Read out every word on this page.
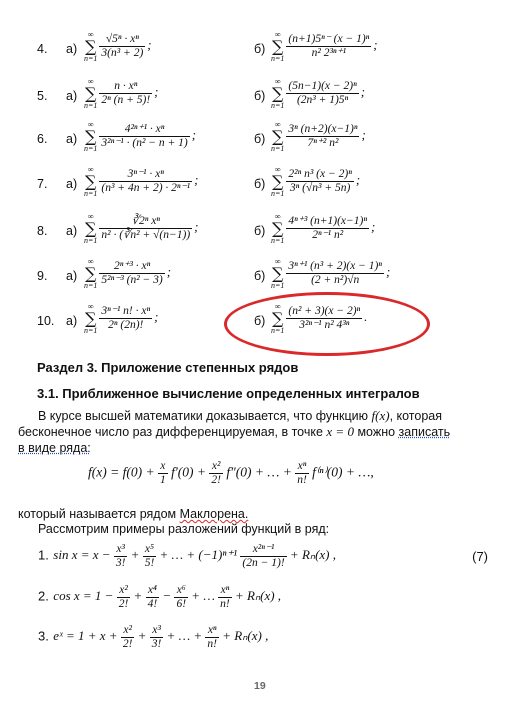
4. а)
∞
∑
$n=1 \frac{\text{√5ⁿ · xⁿ}}{\text{3(n³ + 2)}}$ ;	б)
∞
∑
$n=1 \frac{\text{(n+1)5ⁿ⁻ (x − 1)ⁿ}}{\text{n² 2³ⁿ⁺¹}}$ ;
5. а)
∞
∑
$n=1 \frac{\text{n · xⁿ}}{\text{2ⁿ (n + 5)!}}$ ;	б)
∞
∑
$n=1 \frac{\text{(5n−1)(x − 2)ⁿ}}{\text{(2n³ + 1)5ⁿ}}$ ;
6. а)
∞
∑
$n=1 \frac{\text{4²ⁿ⁺¹ · xⁿ}}{\text{3²ⁿ⁻¹ · (n² − n + 1)}}$ ;	б)
∞
∑
$n=1 \frac{\text{3ⁿ (n+2)(x−1)ⁿ}}{\text{7ⁿ⁺² n²}}$ ;
7. а)
∞
∑
$n=1 \frac{\text{3ⁿ⁻¹ · xⁿ}}{\text{(n³ + 4n + 2) · 2ⁿ⁻¹}}$ ;	б)
∞
∑
$n=1 \frac{\text{2²ⁿ n³ (x − 2)ⁿ}}{\text{3ⁿ (√n³ + 5n)}}$ ;
8. а)
∞
∑
$n=1 \frac{\text{∛2ⁿ xⁿ}}{\text{n² · (∛n² + √(n−1))}}$ ;	б)
∞
∑
$n=1 \frac{\text{4ⁿ⁺³ (n+1)(x−1)ⁿ}}{\text{2ⁿ⁻¹ n²}}$ ;
9. а)
∞
∑
$n=1 \frac{\text{2ⁿ⁺³ · xⁿ}}{\text{5²ⁿ⁻³ (n² − 3)}}$ ;	б)
∞
∑
$n=1 \frac{\text{3ⁿ⁺¹ (n³ + 2)(x − 1)ⁿ}}{\text{(2 + n²)√n}}$ ;
10. а)
∞
∑
$n=1 \frac{\text{3ⁿ⁻¹ n! · xⁿ}}{\text{2ⁿ (2n)!}}$ ;	б)
∞
∑
$n=1 \frac{\text{(n² + 3)(x − 2)ⁿ}}{\text{3²ⁿ⁻¹ n² 4³ⁿ}}$ .
Раздел 3. Приложение степенных рядов
3.1. Приближенное вычисление определенных интегралов
В курсе высшей математики доказывается, что функцию f(x), которая
бесконечное число раз дифференцируемая, в точке x = 0 можно записать
в виде ряда:
$f(x) = f(0) + \frac{x}{1} f'(0) + \frac{\text{x²}}{2!} f''(0)$ + … + $\frac{\text{xⁿ}}{n!} f^{(n)}(0)$ + …,
который называется рядом Маклорена.
Рассмотрим примеры разложений функций в ряд:
1. $\sin x = x - \frac{\text{x³}}{3!} + \frac{\text{x⁵}}{5!}$ + … + $(-1)^{n+1} \frac{\text{x²ⁿ⁻¹}}{(2n - 1)!} + R_n(x)$ ,	(7)
2. $\cos x = 1 - \frac{\text{x²}}{2!} + \frac{\text{x⁴}}{4!} - \frac{\text{x⁶}}{6!}$ + … $\frac{\text{xⁿ}}{n!} + R_n(x)$ ,
3. eˣ = $1 + x + \frac{\text{x²}}{2!} + \frac{\text{x³}}{3!}$ + … + $\frac{\text{xⁿ}}{n!} + R_n(x)$ ,
19
